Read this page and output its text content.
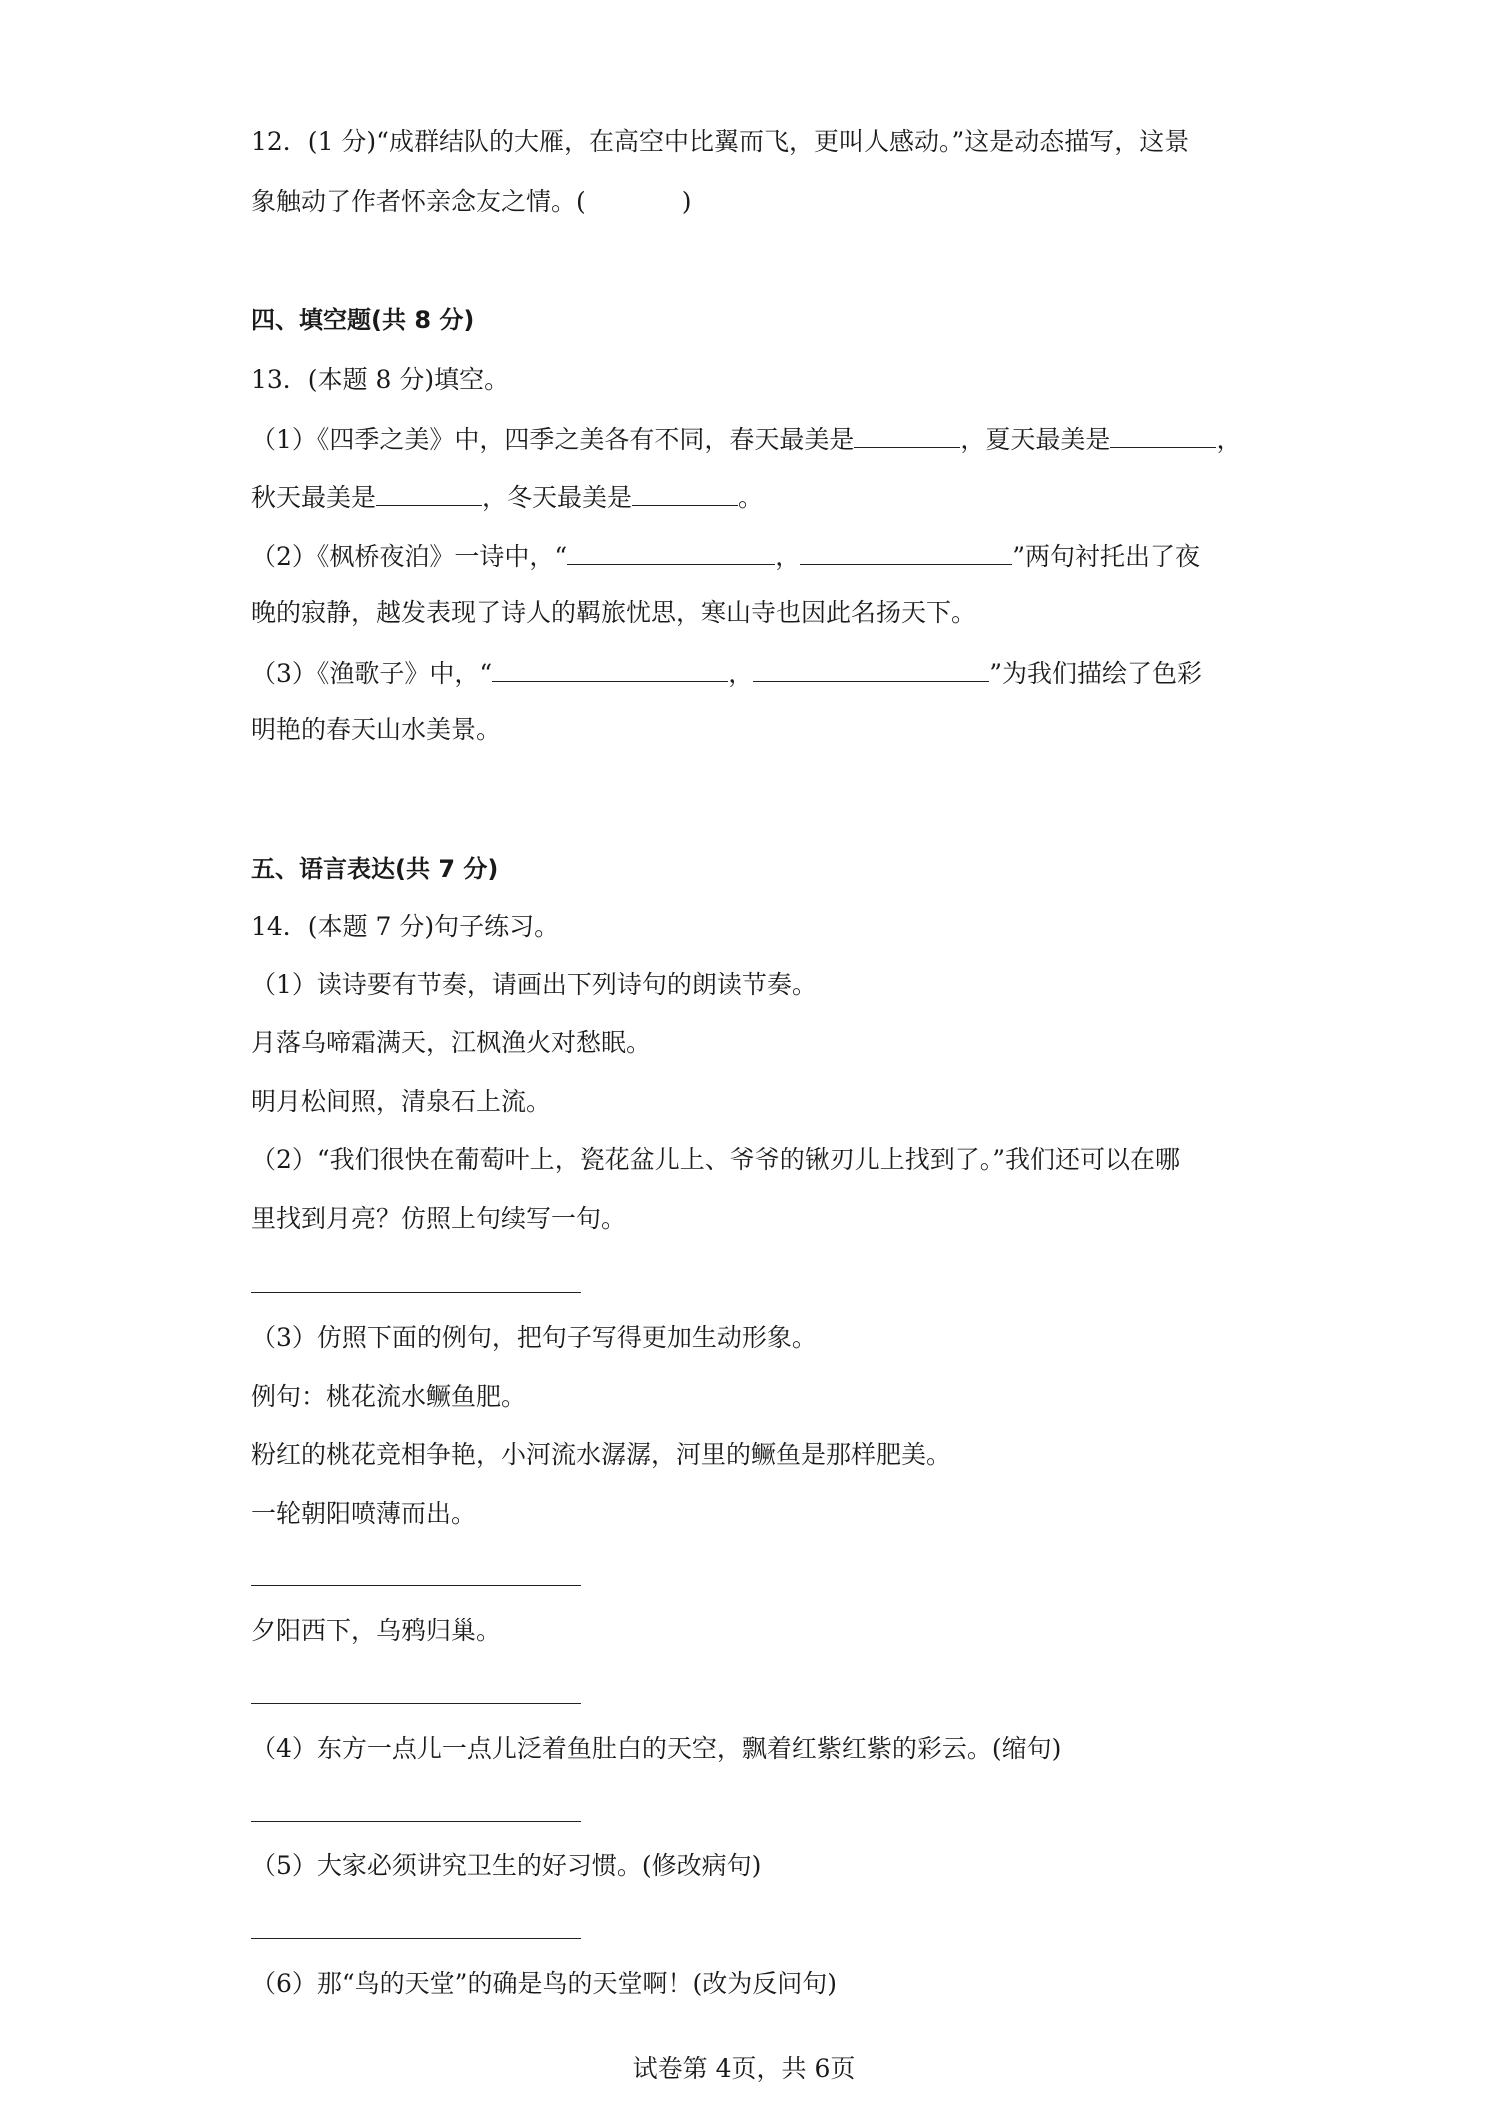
12．(1 分)“成群结队的大雁，在高空中比翼而飞，更叫人感动。”这是动态描写，这景
象触动了作者怀亲念友之情。(	)
四、填空题(共 8 分)
13．(本题 8 分)填空。
（1）《四季之美》中，四季之美各有不同，春天最美是	，夏天最美是	，
秋天最美是	，冬天最美是	。
（2）《枫桥夜泊》一诗中，“	，	”两句衬托出了夜
晚的寂静，越发表现了诗人的羁旅忧思，寒山寺也因此名扬天下。
（3）《渔歌子》中，“	，	”为我们描绘了色彩
明艳的春天山水美景。
五、语言表达(共 7 分)
14．(本题 7 分)句子练习。
（1）读诗要有节奏，请画出下列诗句的朗读节奏。
月落乌啼霜满天，江枫渔火对愁眠。
明月松间照，清泉石上流。
（2）“我们很快在葡萄叶上，瓷花盆儿上、爷爷的锹刃儿上找到了。”我们还可以在哪
里找到月亮？仿照上句续写一句。
（3）仿照下面的例句，把句子写得更加生动形象。
例句：桃花流水鳜鱼肥。
粉红的桃花竞相争艳，小河流水潺潺，河里的鳜鱼是那样肥美。
一轮朝阳喷薄而出。
夕阳西下，乌鸦归巢。
（4）东方一点儿一点儿泛着鱼肚白的天空，飘着红紫红紫的彩云。(缩句)
（5）大家必须讲究卫生的好习惯。(修改病句)
（6）那“鸟的天堂”的确是鸟的天堂啊！(改为反问句)
试卷第 4页，共 6页
